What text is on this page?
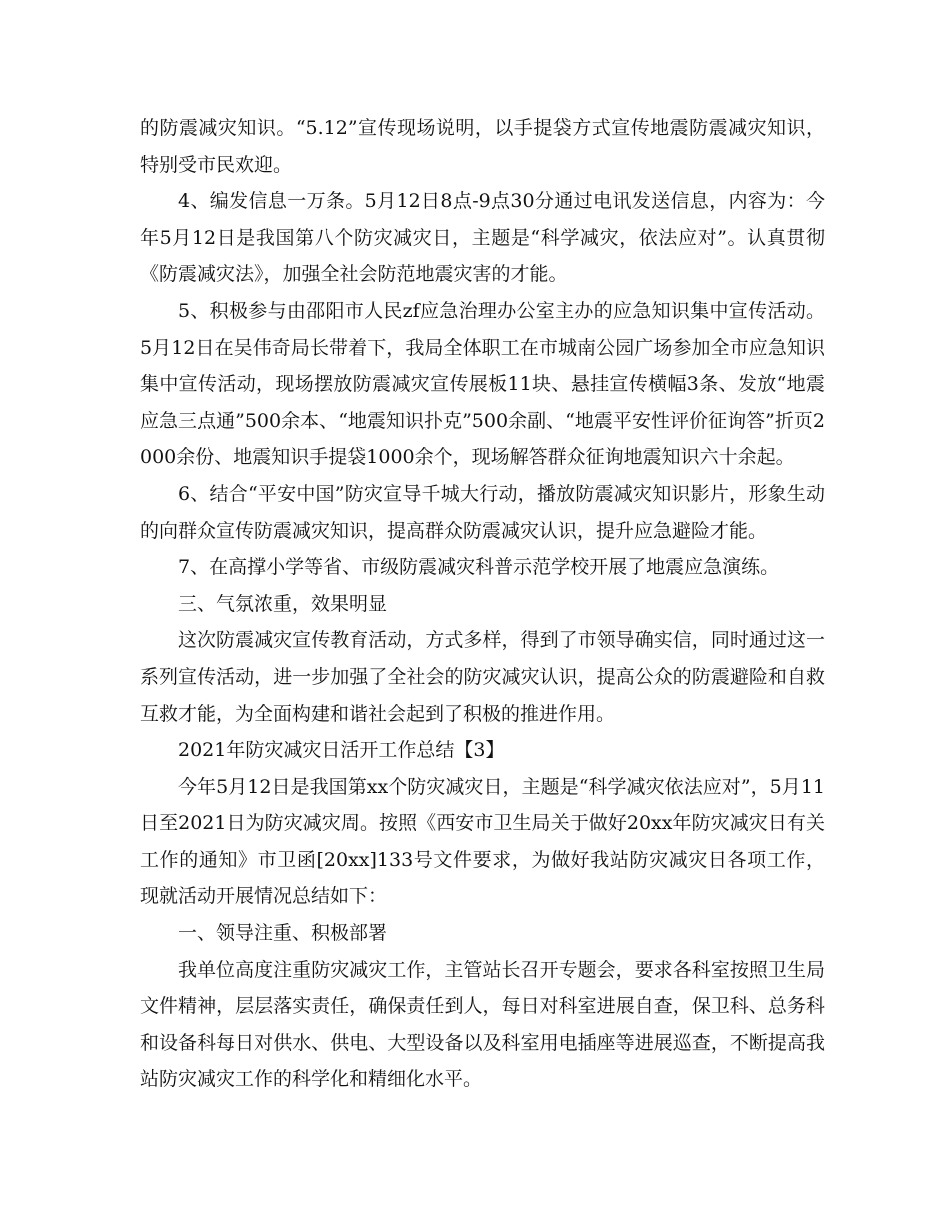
的防震减灾知识。“5.12”宣传现场说明，以手提袋方式宣传地震防震减灾知识，特别受市民欢迎。

4、编发信息一万条。5月12日8点-9点30分通过电讯发送信息，内容为：今年5月12日是我国第八个防灾减灾日，主题是“科学减灾，依法应对”。认真贯彻《防震减灾法》，加强全社会防范地震灾害的才能。

5、积极参与由邵阳市人民zf应急治理办公室主办的应急知识集中宣传活动。5月12日在吴伟奇局长带着下，我局全体职工在市城南公园广场参加全市应急知识集中宣传活动，现场摆放防震减灾宣传展板11块、悬挂宣传横幅3条、发放“地震应急三点通”500余本、“地震知识扑克”500余副、“地震平安性评价征询答”折页2000余份、地震知识手提袋1000余个，现场解答群众征询地震知识六十余起。

6、结合“平安中国”防灾宣导千城大行动，播放防震减灾知识影片，形象生动的向群众宣传防震减灾知识，提高群众防震减灾认识，提升应急避险才能。

7、在高撑小学等省、市级防震减灾科普示范学校开展了地震应急演练。

三、气氛浓重，效果明显

这次防震减灾宣传教育活动，方式多样，得到了市领导确实信，同时通过这一系列宣传活动，进一步加强了全社会的防灾减灾认识，提高公众的防震避险和自救互救才能，为全面构建和谐社会起到了积极的推进作用。

2021年防灾减灾日活开工作总结【3】

今年5月12日是我国第xx个防灾减灾日，主题是“科学减灾依法应对”，5月11日至2021日为防灾减灾周。按照《西安市卫生局关于做好20xx年防灾减灾日有关工作的通知》市卫函[20xx]133号文件要求，为做好我站防灾减灾日各项工作，现就活动开展情况总结如下：

一、领导注重、积极部署

我单位高度注重防灾减灾工作，主管站长召开专题会，要求各科室按照卫生局文件精神，层层落实责任，确保责任到人，每日对科室进展自查，保卫科、总务科和设备科每日对供水、供电、大型设备以及科室用电插座等进展巡查，不断提高我站防灾减灾工作的科学化和精细化水平。
